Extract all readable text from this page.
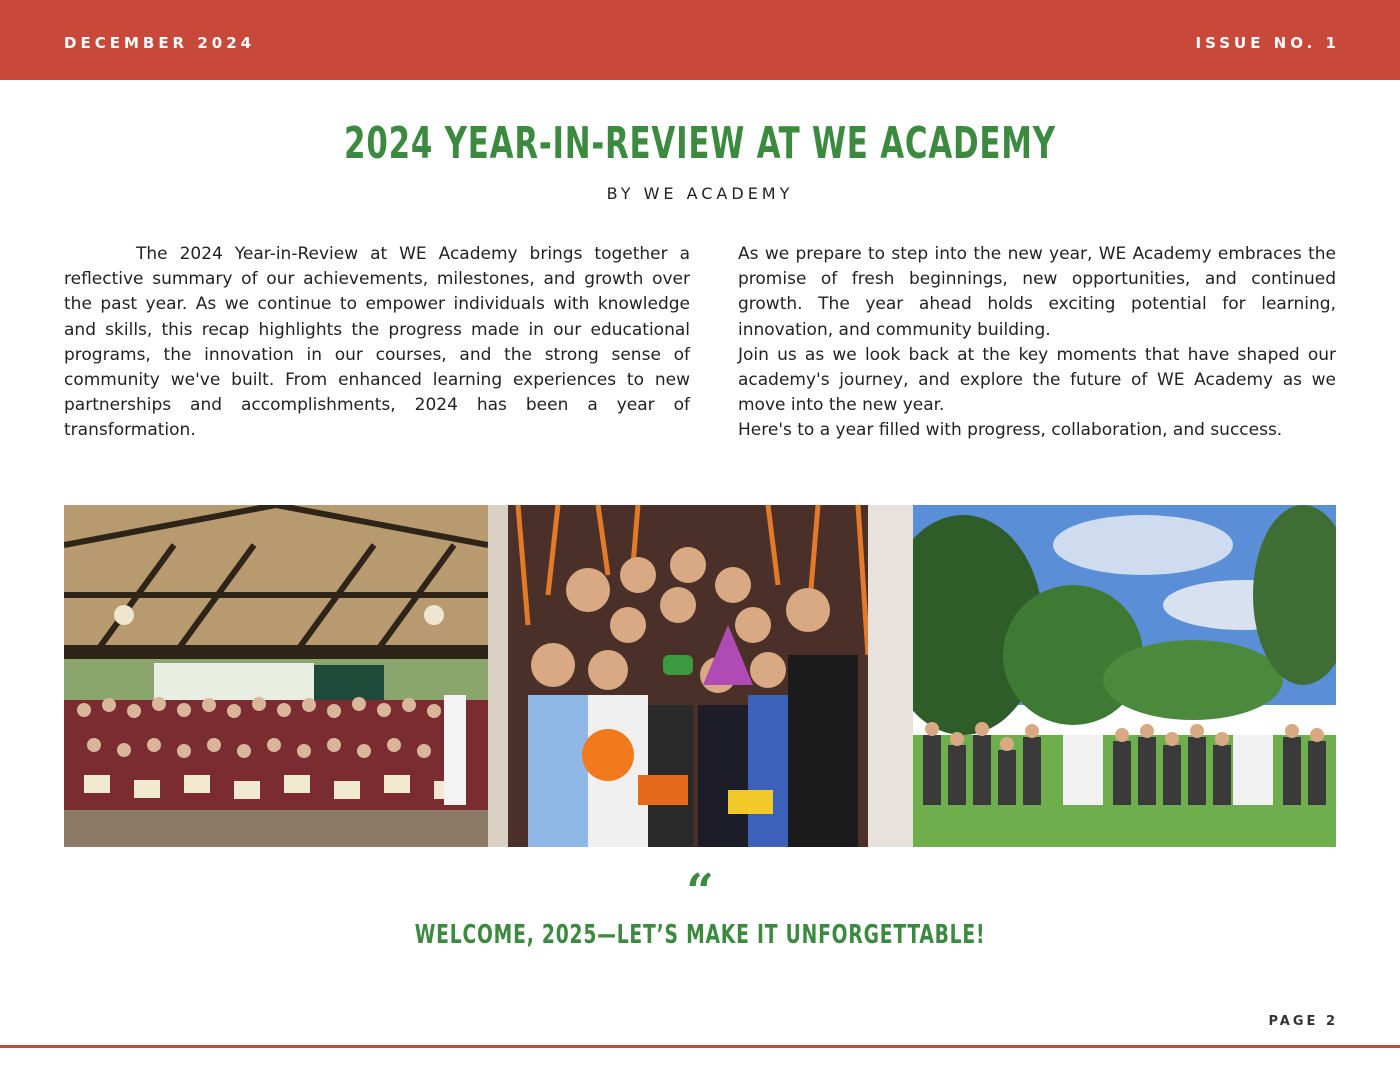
DECEMBER 2024	ISSUE NO. 1
2024 YEAR-IN-REVIEW AT WE ACADEMY
BY WE ACADEMY

The 2024 Year-in-Review at WE Academy brings together a reflective summary of our achievements, milestones, and growth over the past year. As we continue to empower individuals with knowledge and skills, this recap highlights the progress made in our educational programs, the innovation in our courses, and the strong sense of community we've built. From enhanced learning experiences to new partnerships and accomplishments, 2024 has been a year of transformation.

As we prepare to step into the new year, WE Academy embraces the promise of fresh beginnings, new opportunities, and continued growth. The year ahead holds exciting potential for learning, innovation, and community building.

Join us as we look back at the key moments that have shaped our academy's journey, and explore the future of WE Academy as we move into the new year.

Here's to a year filled with progress, collaboration, and success.

“
WELCOME, 2025—LET’S MAKE IT UNFORGETTABLE!
PAGE 2
